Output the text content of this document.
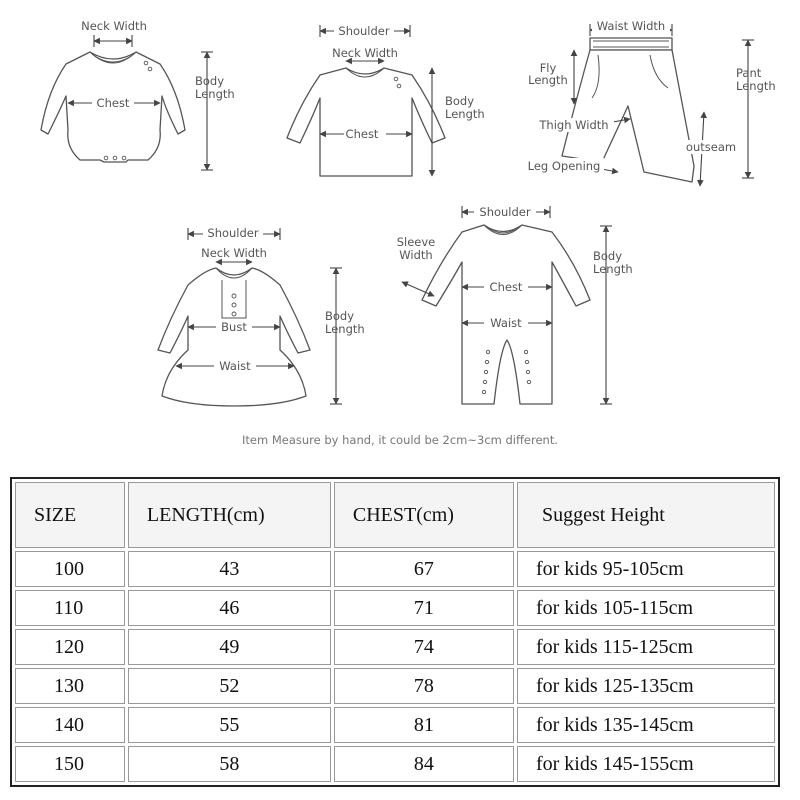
Neck Width
Chest
Body
Length
Shoulder
Neck Width
Chest
Body
Length
Waist Width
Fly
Length	Pant
Length
Thigh Width
outseam
Leg Opening
Shoulder
Neck Width
Bust
Waist
Body
Length
Shoulder
Sleeve
Width
Chest
Waist
Body
Length
Item Measure by hand, it could be 2cm~3cm different.
SIZE	LENGTH(cm)	CHEST(cm)	Suggest Height
100	43	67	for kids 95-105cm
110	46	71	for kids 105-115cm
120	49	74	for kids 115-125cm
130	52	78	for kids 125-135cm
140	55	81	for kids 135-145cm
150	58	84	for kids 145-155cm
